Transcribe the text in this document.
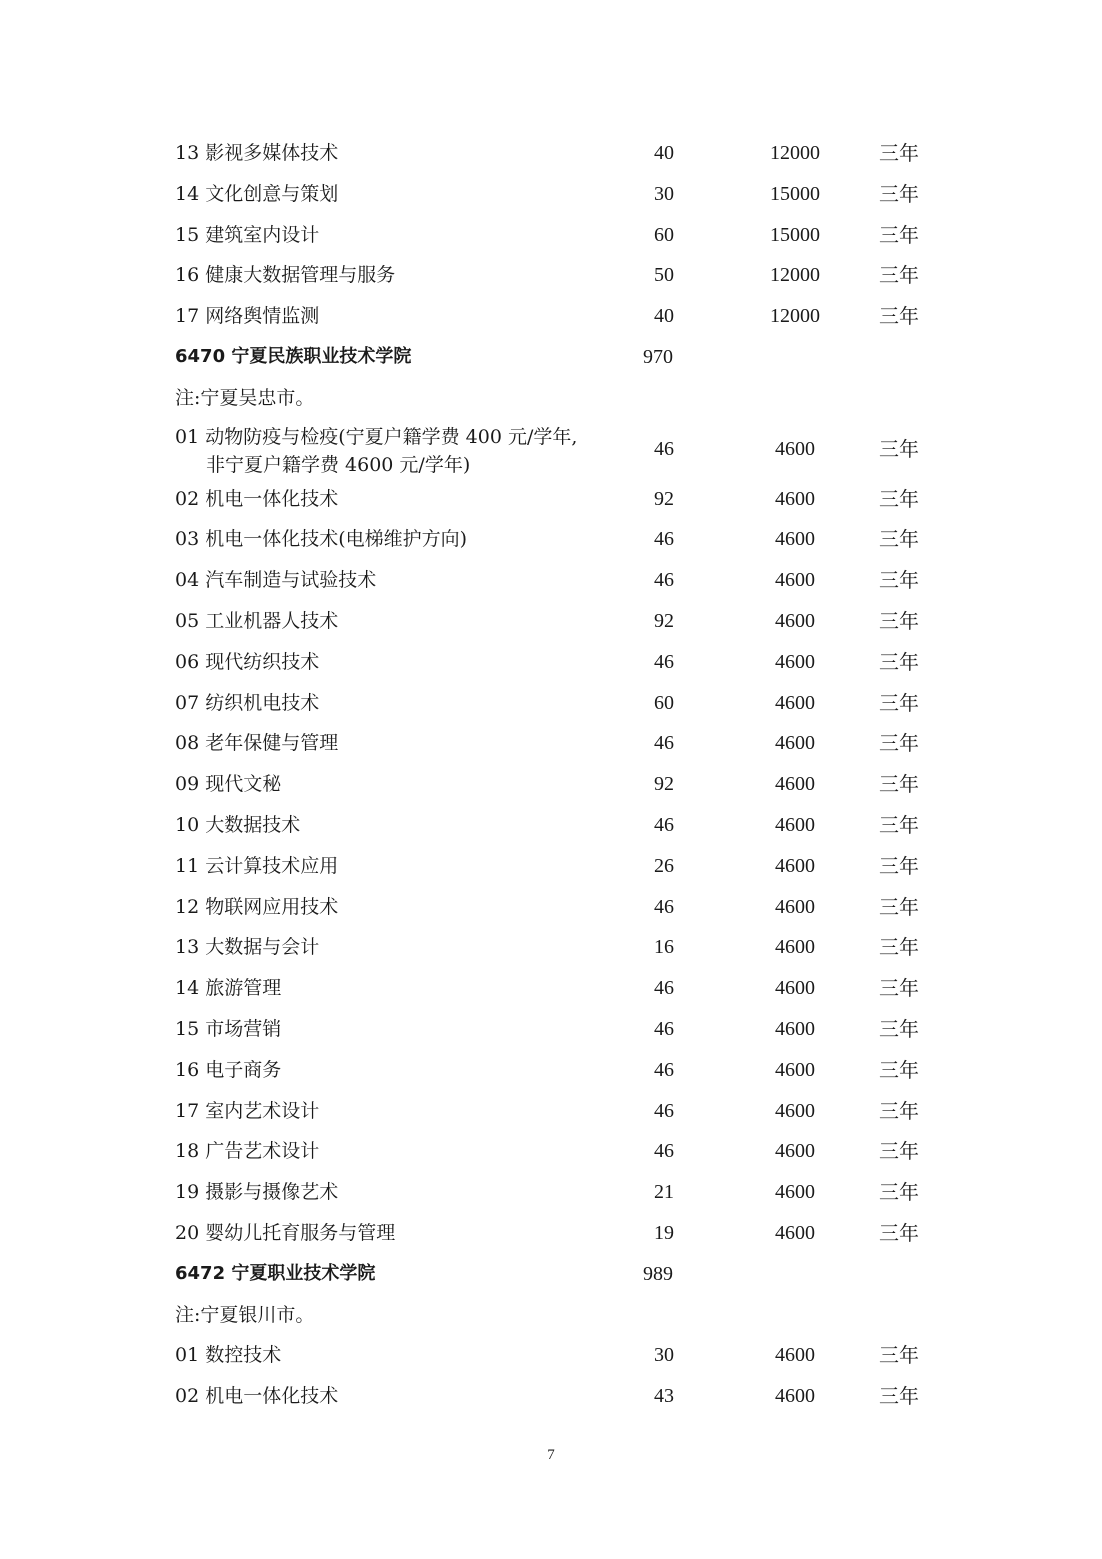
13 影视多媒体技术	40	12000	三年
14 文化创意与策划	30	15000	三年
15 建筑室内设计	60	15000	三年
16 健康大数据管理与服务	50	12000	三年
17 网络舆情监测	40	12000	三年
6470 宁夏民族职业技术学院	970
注:宁夏吴忠市。
01 动物防疫与检疫(宁夏户籍学费 400 元/学年,
非宁夏户籍学费 4600 元/学年)
46	4600	三年
02 机电一体化技术	92	4600	三年
03 机电一体化技术(电梯维护方向)	46	4600	三年
04 汽车制造与试验技术	46	4600	三年
05 工业机器人技术	92	4600	三年
06 现代纺织技术	46	4600	三年
07 纺织机电技术	60	4600	三年
08 老年保健与管理	46	4600	三年
09 现代文秘	92	4600	三年
10 大数据技术	46	4600	三年
11 云计算技术应用	26	4600	三年
12 物联网应用技术	46	4600	三年
13 大数据与会计	16	4600	三年
14 旅游管理	46	4600	三年
15 市场营销	46	4600	三年
16 电子商务	46	4600	三年
17 室内艺术设计	46	4600	三年
18 广告艺术设计	46	4600	三年
19 摄影与摄像艺术	21	4600	三年
20 婴幼儿托育服务与管理	19	4600	三年
6472 宁夏职业技术学院	989
注:宁夏银川市。
01 数控技术	30	4600	三年
02 机电一体化技术	43	4600	三年
7
